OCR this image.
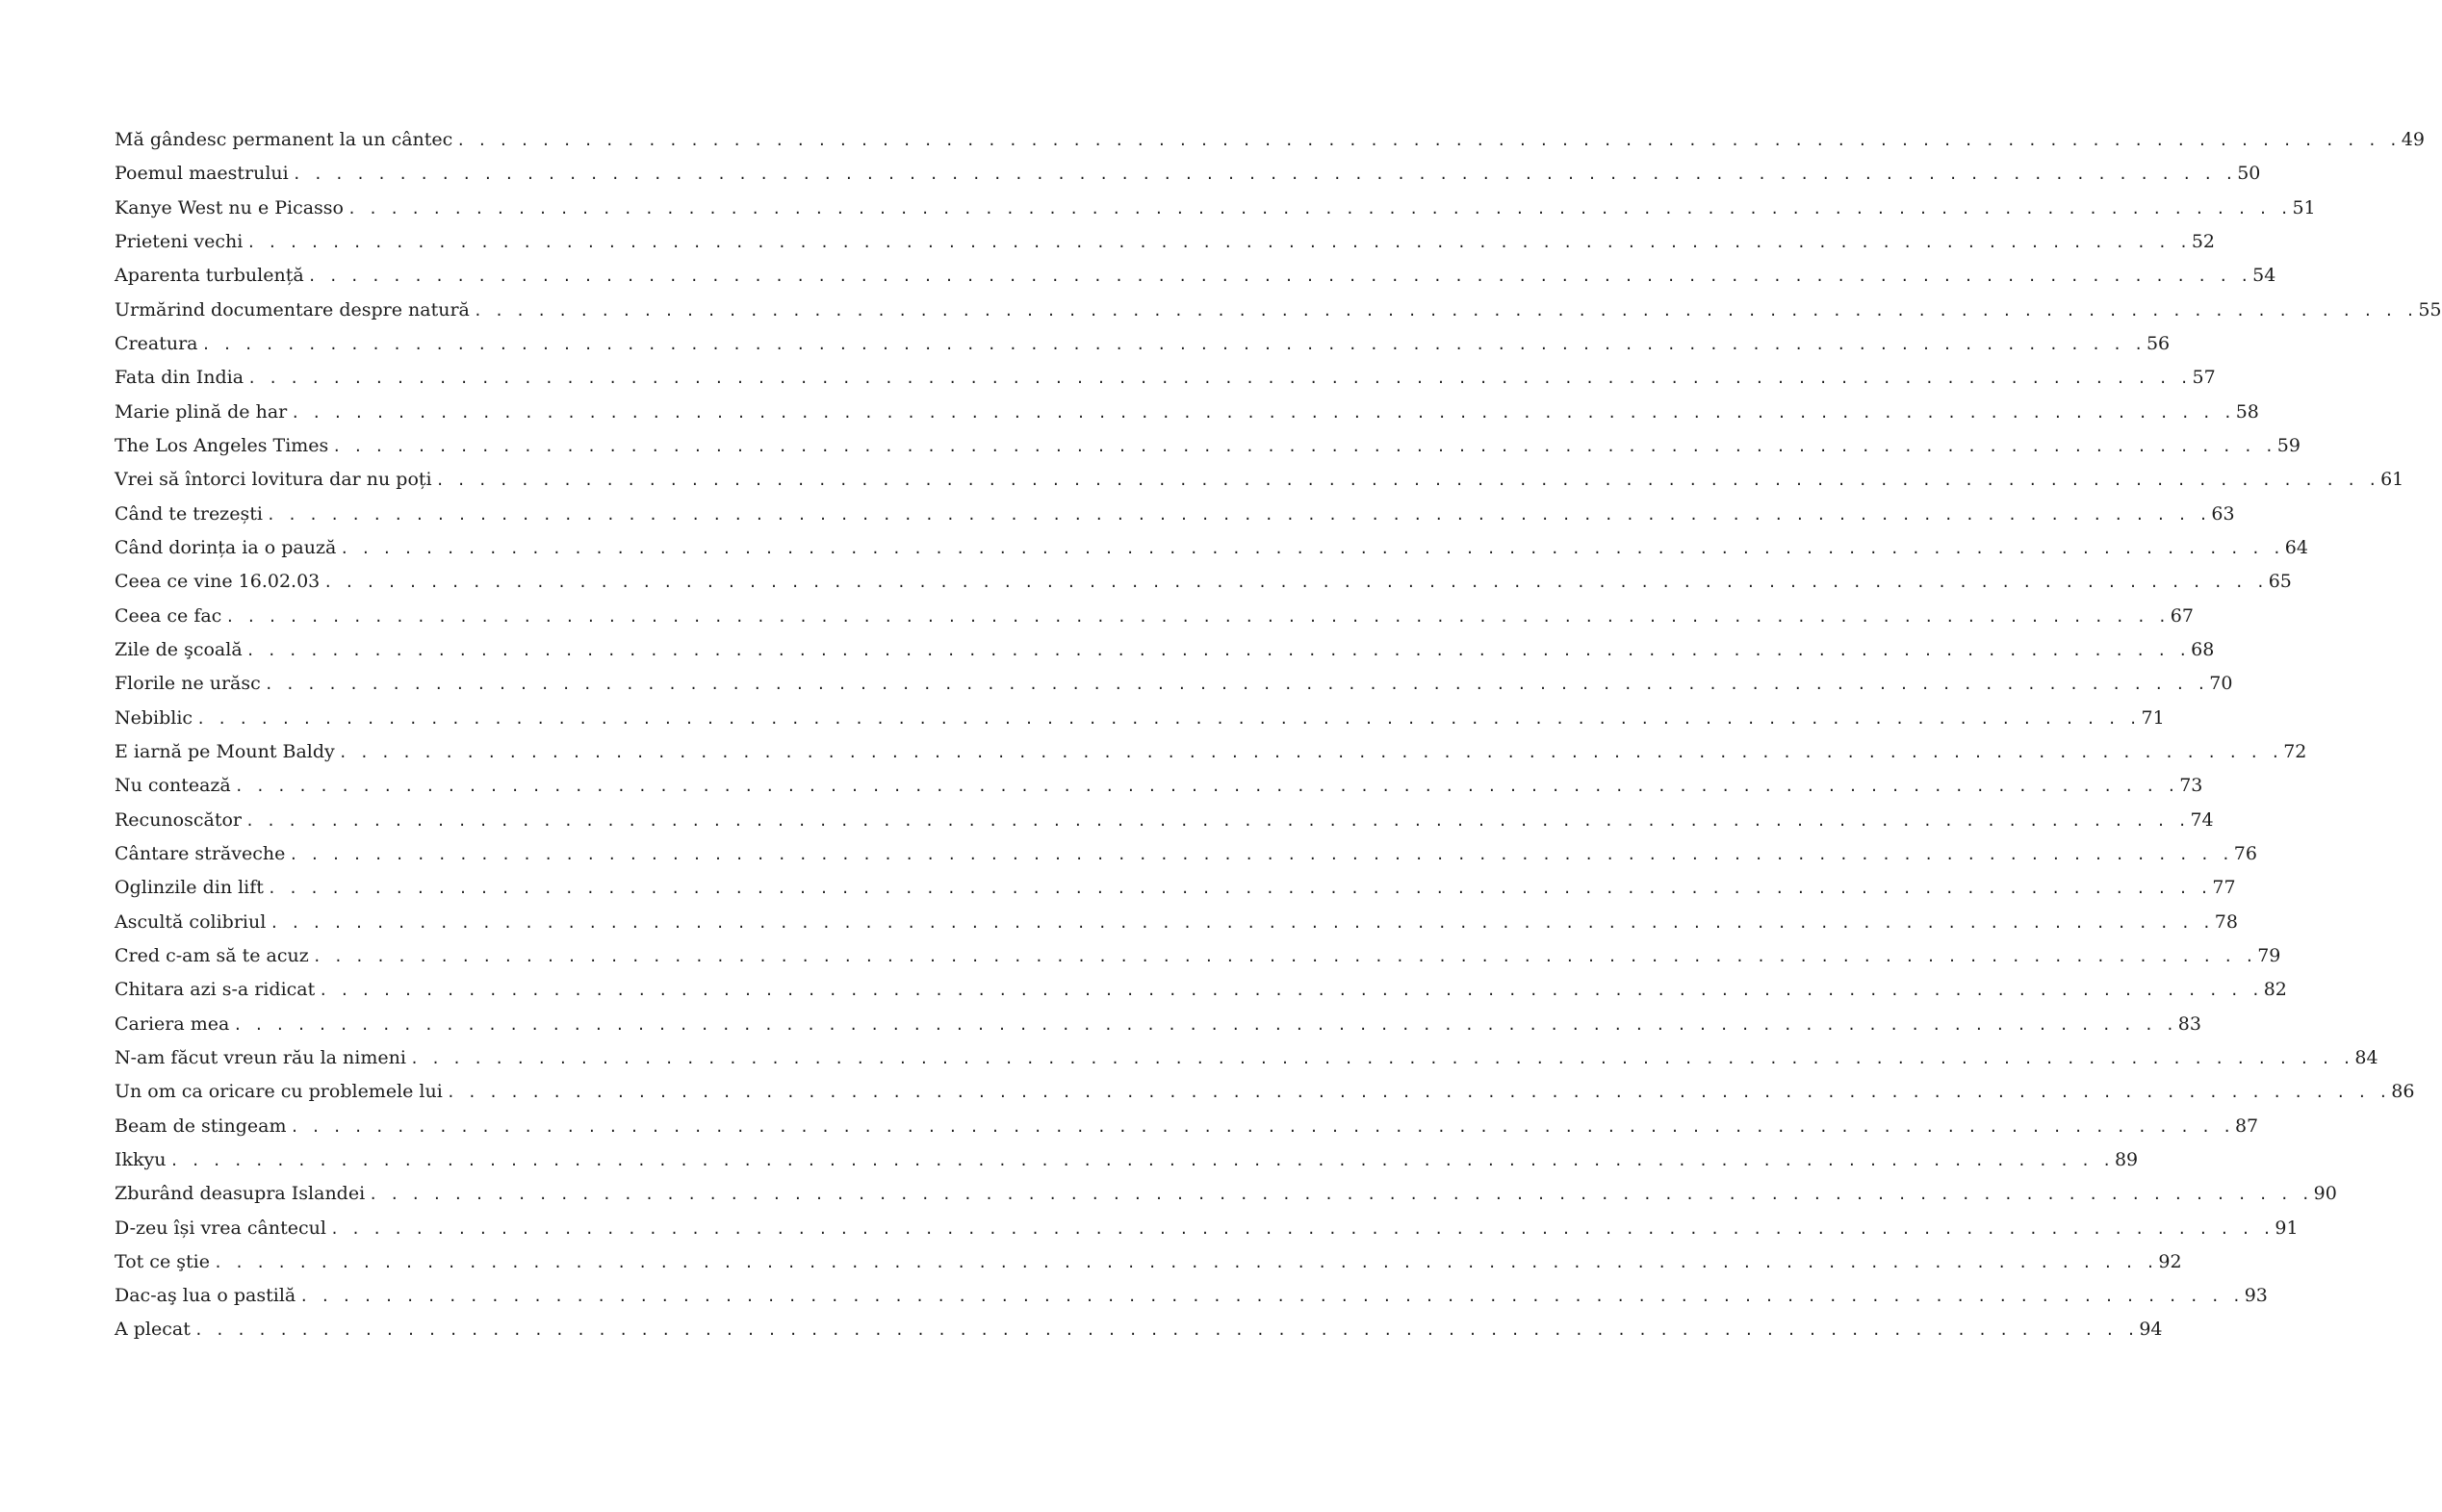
Mă gândesc permanent la un cântec . . . . . . . . . . . . . . . . . . . . . . . . . . . . . . . . . . . . . . . . . . . . . . . . . . . . . . . . . . . . . . . . . . . . . . . . . . . . . . . . . . . . . . . . . . . . 49
Poemul maestrului . . . . . . . . . . . . . . . . . . . . . . . . . . . . . . . . . . . . . . . . . . . . . . . . . . . . . . . . . . . . . . . . . . . . . . . . . . . . . . . . . . . . . . . . . . . . 50
Kanye West nu e Picasso . . . . . . . . . . . . . . . . . . . . . . . . . . . . . . . . . . . . . . . . . . . . . . . . . . . . . . . . . . . . . . . . . . . . . . . . . . . . . . . . . . . . . . . . . . . . 51
Prieteni vechi . . . . . . . . . . . . . . . . . . . . . . . . . . . . . . . . . . . . . . . . . . . . . . . . . . . . . . . . . . . . . . . . . . . . . . . . . . . . . . . . . . . . . . . . . . . . 52
Aparenta turbulență . . . . . . . . . . . . . . . . . . . . . . . . . . . . . . . . . . . . . . . . . . . . . . . . . . . . . . . . . . . . . . . . . . . . . . . . . . . . . . . . . . . . . . . . . . . . 54
Urmărind documentare despre natură . . . . . . . . . . . . . . . . . . . . . . . . . . . . . . . . . . . . . . . . . . . . . . . . . . . . . . . . . . . . . . . . . . . . . . . . . . . . . . . . . . . . . . . . . . . . 55
Creatura . . . . . . . . . . . . . . . . . . . . . . . . . . . . . . . . . . . . . . . . . . . . . . . . . . . . . . . . . . . . . . . . . . . . . . . . . . . . . . . . . . . . . . . . . . . . 56
Fata din India . . . . . . . . . . . . . . . . . . . . . . . . . . . . . . . . . . . . . . . . . . . . . . . . . . . . . . . . . . . . . . . . . . . . . . . . . . . . . . . . . . . . . . . . . . . . 57
Marie plină de har . . . . . . . . . . . . . . . . . . . . . . . . . . . . . . . . . . . . . . . . . . . . . . . . . . . . . . . . . . . . . . . . . . . . . . . . . . . . . . . . . . . . . . . . . . . . 58
The Los Angeles Times . . . . . . . . . . . . . . . . . . . . . . . . . . . . . . . . . . . . . . . . . . . . . . . . . . . . . . . . . . . . . . . . . . . . . . . . . . . . . . . . . . . . . . . . . . . . 59
Vrei să întorci lovitura dar nu poți . . . . . . . . . . . . . . . . . . . . . . . . . . . . . . . . . . . . . . . . . . . . . . . . . . . . . . . . . . . . . . . . . . . . . . . . . . . . . . . . . . . . . . . . . . . . 61
Când te trezești . . . . . . . . . . . . . . . . . . . . . . . . . . . . . . . . . . . . . . . . . . . . . . . . . . . . . . . . . . . . . . . . . . . . . . . . . . . . . . . . . . . . . . . . . . . . 63
Când dorința ia o pauză . . . . . . . . . . . . . . . . . . . . . . . . . . . . . . . . . . . . . . . . . . . . . . . . . . . . . . . . . . . . . . . . . . . . . . . . . . . . . . . . . . . . . . . . . . . . 64
Ceea ce vine 16.02.03 . . . . . . . . . . . . . . . . . . . . . . . . . . . . . . . . . . . . . . . . . . . . . . . . . . . . . . . . . . . . . . . . . . . . . . . . . . . . . . . . . . . . . . . . . . . . 65
Ceea ce fac . . . . . . . . . . . . . . . . . . . . . . . . . . . . . . . . . . . . . . . . . . . . . . . . . . . . . . . . . . . . . . . . . . . . . . . . . . . . . . . . . . . . . . . . . . . . 67
Zile de şcoală . . . . . . . . . . . . . . . . . . . . . . . . . . . . . . . . . . . . . . . . . . . . . . . . . . . . . . . . . . . . . . . . . . . . . . . . . . . . . . . . . . . . . . . . . . . . 68
Florile ne urăsc . . . . . . . . . . . . . . . . . . . . . . . . . . . . . . . . . . . . . . . . . . . . . . . . . . . . . . . . . . . . . . . . . . . . . . . . . . . . . . . . . . . . . . . . . . . . 70
Nebiblic . . . . . . . . . . . . . . . . . . . . . . . . . . . . . . . . . . . . . . . . . . . . . . . . . . . . . . . . . . . . . . . . . . . . . . . . . . . . . . . . . . . . . . . . . . . . 71
E iarnă pe Mount Baldy . . . . . . . . . . . . . . . . . . . . . . . . . . . . . . . . . . . . . . . . . . . . . . . . . . . . . . . . . . . . . . . . . . . . . . . . . . . . . . . . . . . . . . . . . . . . 72
Nu contează . . . . . . . . . . . . . . . . . . . . . . . . . . . . . . . . . . . . . . . . . . . . . . . . . . . . . . . . . . . . . . . . . . . . . . . . . . . . . . . . . . . . . . . . . . . . 73
Recunoscător . . . . . . . . . . . . . . . . . . . . . . . . . . . . . . . . . . . . . . . . . . . . . . . . . . . . . . . . . . . . . . . . . . . . . . . . . . . . . . . . . . . . . . . . . . . . 74
Cântare străveche . . . . . . . . . . . . . . . . . . . . . . . . . . . . . . . . . . . . . . . . . . . . . . . . . . . . . . . . . . . . . . . . . . . . . . . . . . . . . . . . . . . . . . . . . . . . 76
Oglinzile din lift . . . . . . . . . . . . . . . . . . . . . . . . . . . . . . . . . . . . . . . . . . . . . . . . . . . . . . . . . . . . . . . . . . . . . . . . . . . . . . . . . . . . . . . . . . . . 77
Ascultă colibriul . . . . . . . . . . . . . . . . . . . . . . . . . . . . . . . . . . . . . . . . . . . . . . . . . . . . . . . . . . . . . . . . . . . . . . . . . . . . . . . . . . . . . . . . . . . . 78
Cred c-am să te acuz . . . . . . . . . . . . . . . . . . . . . . . . . . . . . . . . . . . . . . . . . . . . . . . . . . . . . . . . . . . . . . . . . . . . . . . . . . . . . . . . . . . . . . . . . . . . 79
Chitara azi s-a ridicat . . . . . . . . . . . . . . . . . . . . . . . . . . . . . . . . . . . . . . . . . . . . . . . . . . . . . . . . . . . . . . . . . . . . . . . . . . . . . . . . . . . . . . . . . . . . 82
Cariera mea . . . . . . . . . . . . . . . . . . . . . . . . . . . . . . . . . . . . . . . . . . . . . . . . . . . . . . . . . . . . . . . . . . . . . . . . . . . . . . . . . . . . . . . . . . . . 83
N-am făcut vreun rău la nimeni . . . . . . . . . . . . . . . . . . . . . . . . . . . . . . . . . . . . . . . . . . . . . . . . . . . . . . . . . . . . . . . . . . . . . . . . . . . . . . . . . . . . . . . . . . . . 84
Un om ca oricare cu problemele lui . . . . . . . . . . . . . . . . . . . . . . . . . . . . . . . . . . . . . . . . . . . . . . . . . . . . . . . . . . . . . . . . . . . . . . . . . . . . . . . . . . . . . . . . . . . . 86
Beam de stingeam . . . . . . . . . . . . . . . . . . . . . . . . . . . . . . . . . . . . . . . . . . . . . . . . . . . . . . . . . . . . . . . . . . . . . . . . . . . . . . . . . . . . . . . . . . . . 87
Ikkyu . . . . . . . . . . . . . . . . . . . . . . . . . . . . . . . . . . . . . . . . . . . . . . . . . . . . . . . . . . . . . . . . . . . . . . . . . . . . . . . . . . . . . . . . . . . . 89
Zburând deasupra Islandei . . . . . . . . . . . . . . . . . . . . . . . . . . . . . . . . . . . . . . . . . . . . . . . . . . . . . . . . . . . . . . . . . . . . . . . . . . . . . . . . . . . . . . . . . . . . 90
D-zeu își vrea cântecul . . . . . . . . . . . . . . . . . . . . . . . . . . . . . . . . . . . . . . . . . . . . . . . . . . . . . . . . . . . . . . . . . . . . . . . . . . . . . . . . . . . . . . . . . . . . 91
Tot ce ştie . . . . . . . . . . . . . . . . . . . . . . . . . . . . . . . . . . . . . . . . . . . . . . . . . . . . . . . . . . . . . . . . . . . . . . . . . . . . . . . . . . . . . . . . . . . . 92
Dac-aş lua o pastilă . . . . . . . . . . . . . . . . . . . . . . . . . . . . . . . . . . . . . . . . . . . . . . . . . . . . . . . . . . . . . . . . . . . . . . . . . . . . . . . . . . . . . . . . . . . . 93
A plecat . . . . . . . . . . . . . . . . . . . . . . . . . . . . . . . . . . . . . . . . . . . . . . . . . . . . . . . . . . . . . . . . . . . . . . . . . . . . . . . . . . . . . . . . . . . . 94
